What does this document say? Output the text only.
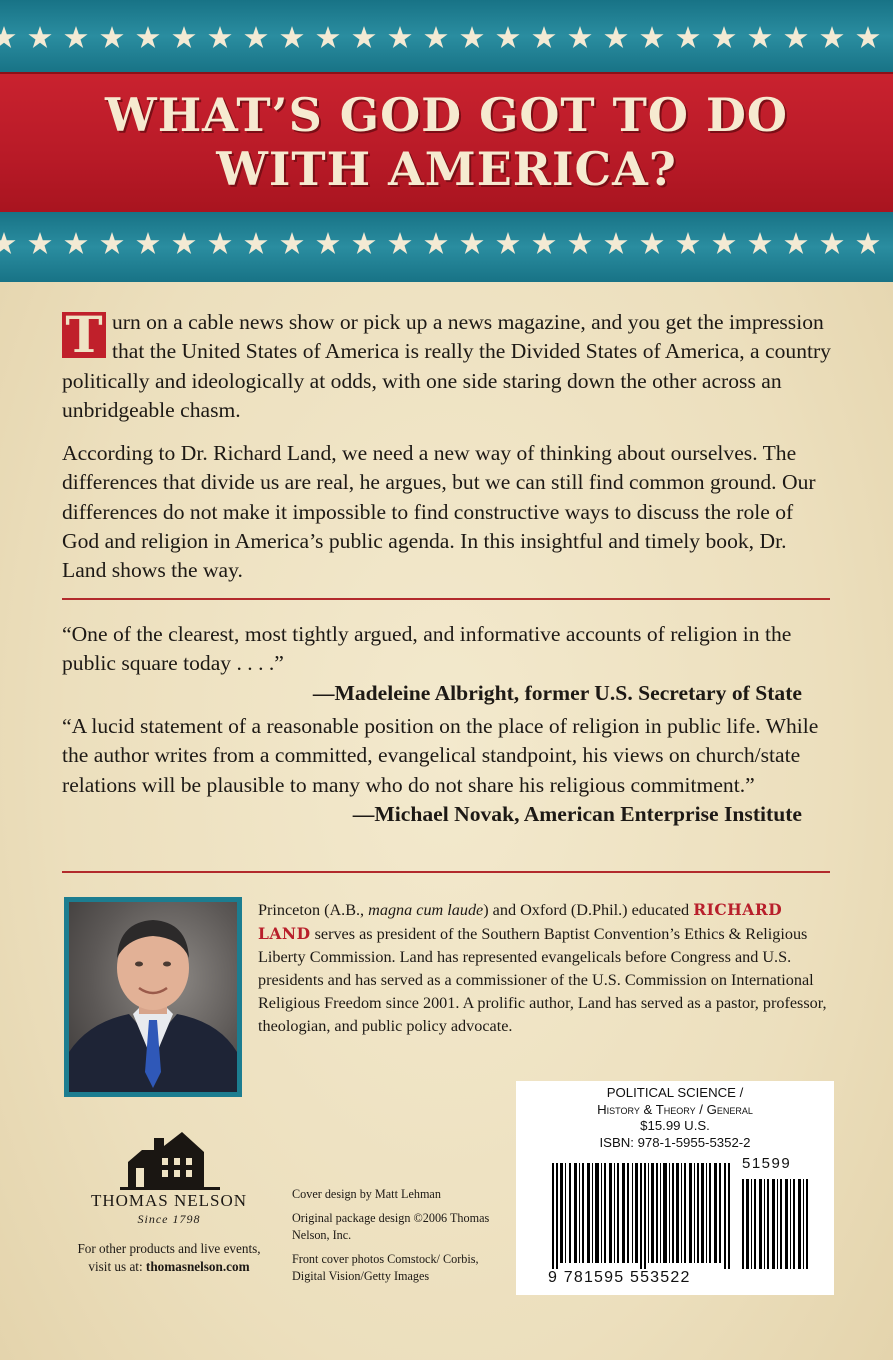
WHAT’S GOD GOT TO DO
WITH AMERICA?

T urn on a cable news show or pick up a news magazine, and you get the impression that the United States of America is really the Divided States of America, a country politically and ideologically at odds, with one side staring down the other across an unbridgeable chasm.

According to Dr. Richard Land, we need a new way of thinking about ourselves. The differences that divide us are real, he argues, but we can still find common ground. Our differences do not make it impossible to find constructive ways to discuss the role of God and religion in America’s public agenda. In this insightful and timely book, Dr. Land shows the way.

“One of the clearest, most tightly argued, and informative accounts of religion in the public square today . . . .”

—Madeleine Albright, former U.S. Secretary of State

“A lucid statement of a reasonable position on the place of religion in public life. While the author writes from a committed, evangelical standpoint, his views on church/state relations will be plausible to many who do not share his religious commitment.”

—Michael Novak, American Enterprise Institute

Princeton (A.B., magna cum laude) and Oxford (D.Phil.) educated RICHARD LAND serves as president of the Southern Baptist Convention’s Ethics & Religious Liberty Commission. Land has represented evangelicals before Congress and U.S. presidents and has served as a commissioner of the U.S. Commission on International Religious Freedom since 2001. A prolific author, Land has served as a pastor, professor, theologian, and public policy advocate.
THOMAS NELSON
Since 1798
For other products and live events,
visit us at: thomasnelson.com

Cover design by Matt Lehman

Original package design ©2006 Thomas Nelson, Inc.

Front cover photos Comstock/ Corbis, Digital Vision/Getty Images

POLITICAL SCIENCE /
History & Theory / General
$15.99 U.S.
ISBN: 978-1-5955-5352-2
51599
9 781595 553522
